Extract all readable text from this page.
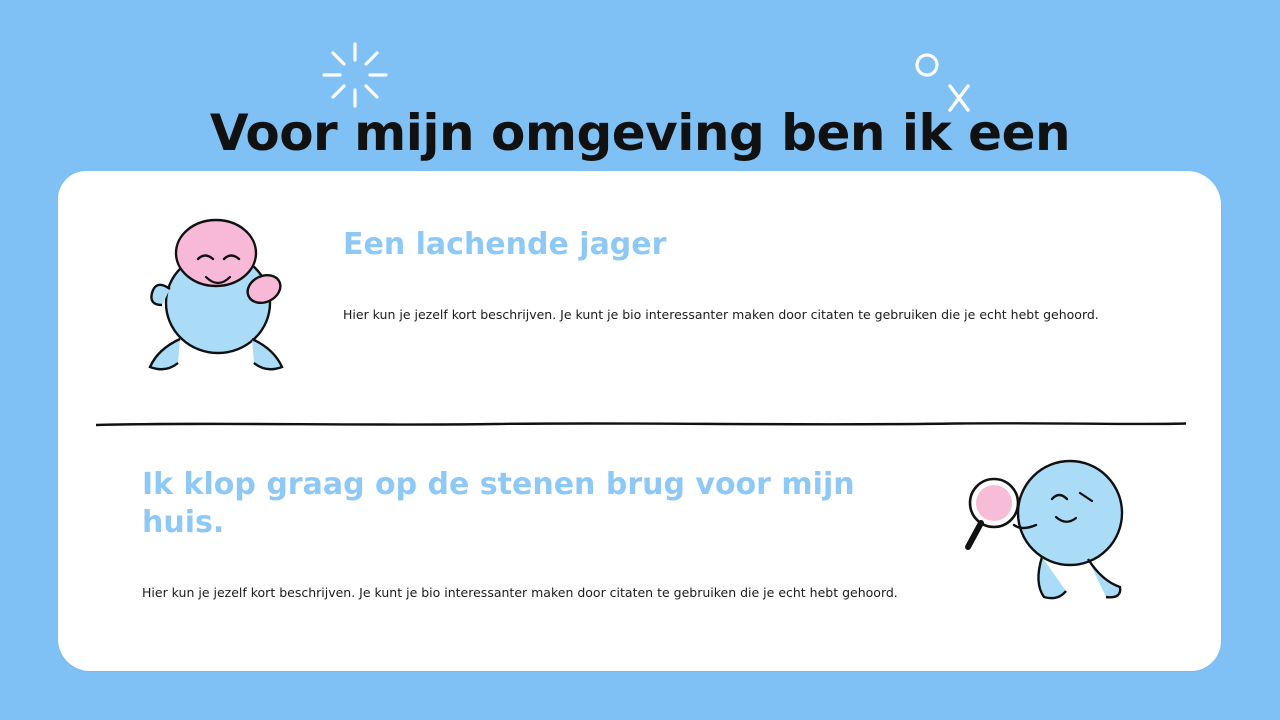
Voor mijn omgeving ben ik een
Een lachende jager

Hier kun je jezelf kort beschrijven. Je kunt je bio interessanter maken door citaten te gebruiken die je echt hebt gehoord.

Ik klop graag op de stenen brug voor mijn huis.

Hier kun je jezelf kort beschrijven. Je kunt je bio interessanter maken door citaten te gebruiken die je echt hebt gehoord.
